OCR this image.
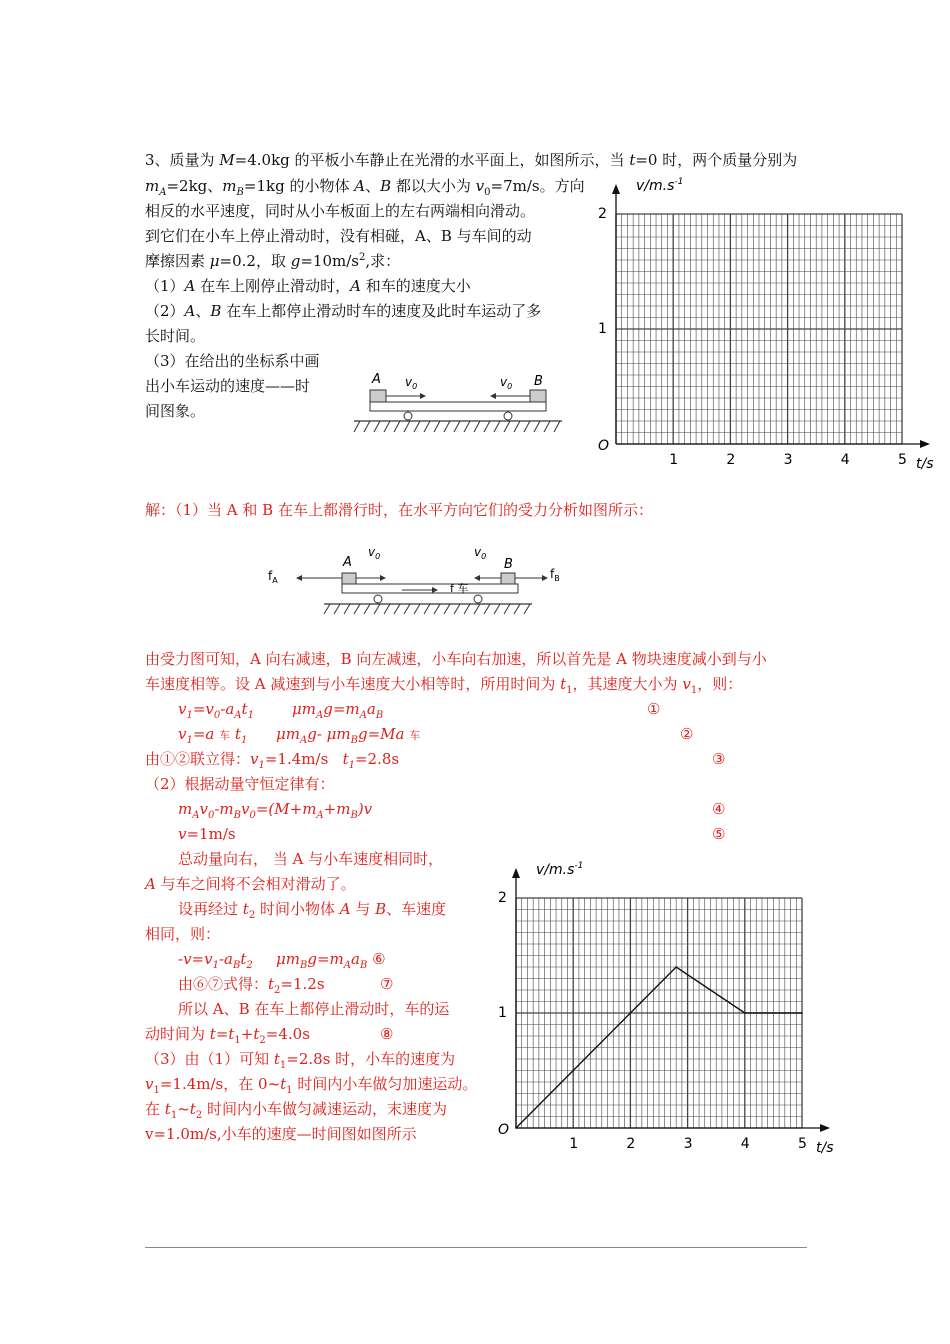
3、质量为 M=4.0kg 的平板小车静止在光滑的水平面上，如图所示，当 t=0 时，两个质量分别为
$m_A=2kg$、$m_B=1kg$ 的小物体 A、B 都以大小为 $v_0=7m/s$。方向
相反的水平速度，同时从小车板面上的左右两端相向滑动。
到它们在小车上停止滑动时，没有相碰，A、B 与车间的动
摩擦因素 μ=0.2，取 $g=10m/s^2$,求：
（1）A 在车上刚停止滑动时，A 和车的速度大小
（2）A、B 在车上都停止滑动时车的速度及此时车运动了多
长时间。
（3）在给出的坐标系中画
出小车运动的速度——时
间图象。
A	B
$v_0$	$v_0$
1	2	3	4	5
1
2
O
t/s
$v/m.s^{-1}$
解：（1）当 A 和 B 在车上都滑行时，在水平方向它们的受力分析如图所示：
$f_A$	$f_B$
A	B
$v_0$	$v_0$
f 车
由受力图可知，A 向右减速，B 向左减速，小车向右加速，所以首先是 A 物块速度减小到与小
车速度相等。设 A 减速到与小车速度大小相等时，所用时间为 $t_1$，其速度大小为 $v_1$，则：
$v_1=v_0-a_At_1$	$\mu m_Ag=m_Aa_B$	①
$v_1=a$ 车 $t_1$ $\mu m_Ag-$ $\mu m_Bg=Ma$ 车	②
由①②联立得：$v_1=1.4m/s$   $t_1=2.8s$	③
（2）根据动量守恒定律有：
$m_Av_0-m_Bv_0=(M+m_A+m_B)v$	④
v=1m/s	⑤
总动量向右， 当 A 与小车速度相同时，
A 与车之间将不会相对滑动了。
设再经过 $t_2$ 时间小物体 A 与 B、车速度
相同，则：
$-v=v_1-a_Bt_2$ $\mu m_Bg=m_Aa_B$ ⑥
由⑥⑦式得：$t_2=1.2s$	⑦
所以 A、B 在车上都停止滑动时，车的运
动时间为 $t=t_1+t_2=4.0s$	⑧
（3）由（1）可知 $t_1=2.8s$ 时，小车的速度为
$v_1=1.4m/s$，在 $0\sim t_1$ 时间内小车做匀加速运动。
在 $t_1\sim t_2$ 时间内小车做匀减速运动，末速度为
v=1.0m/s,小车的速度—时间图如图所示
1	2	3	4	5
1
2
O
t/s
$v/m.s^{-1}$
